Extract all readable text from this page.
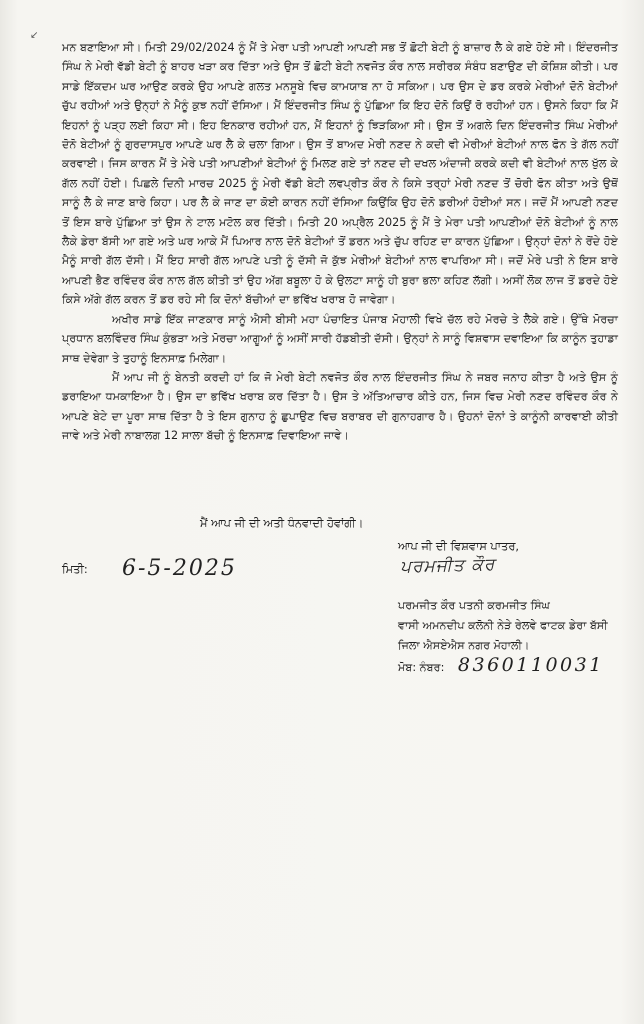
↙

ਮਨ ਬਣਾਇਆ ਸੀ। ਮਿਤੀ 29/02/2024 ਨੂੰ ਮੈਂ ਤੇ ਮੇਰਾ ਪਤੀ ਆਪਣੀ ਆਪਣੀ ਸਭ ਤੋਂ ਛੋਟੀ ਬੇਟੀ ਨੂੰ ਬਾਜ਼ਾਰ ਲੈ ਕੇ ਗਏ ਹੋਏ ਸੀ। ਇੰਦਰਜੀਤ ਸਿੰਘ ਨੇ ਮੇਰੀ ਵੱਡੀ ਬੇਟੀ ਨੂੰ ਬਾਹਰ ਖੜਾ ਕਰ ਦਿੱਤਾ ਅਤੇ ਉਸ ਤੋਂ ਛੋਟੀ ਬੇਟੀ ਨਵਜੋਤ ਕੌਰ ਨਾਲ ਸਰੀਰਕ ਸੰਬੰਧ ਬਣਾਉਣ ਦੀ ਕੋਸ਼ਿਸ਼ ਕੀਤੀ। ਪਰ ਸਾਡੇ ਇੱਕਦਮ ਘਰ ਆਉਣ ਕਰਕੇ ਉਹ ਆਪਣੇ ਗਲਤ ਮਨਸੂਬੇ ਵਿਚ ਕਾਮਯਾਬ ਨਾ ਹੋ ਸਕਿਆ। ਪਰ ਉਸ ਦੇ ਡਰ ਕਰਕੇ ਮੇਰੀਆਂ ਦੋਨੋ ਬੇਟੀਆਂ ਚੁੱਪ ਰਹੀਆਂ ਅਤੇ ਉਨ੍ਹਾਂ ਨੇ ਮੈਨੂੰ ਕੁਝ ਨਹੀਂ ਦੱਸਿਆ। ਮੈਂ ਇੰਦਰਜੀਤ ਸਿੰਘ ਨੂੰ ਪੁੱਛਿਆ ਕਿ ਇਹ ਦੋਨੋ ਕਿਉਂ ਰੋ ਰਹੀਆਂ ਹਨ। ਉਸਨੇ ਕਿਹਾ ਕਿ ਮੈਂ ਇਹਨਾਂ ਨੂੰ ਪੜ੍ਹ ਲਈ ਕਿਹਾ ਸੀ। ਇਹ ਇਨਕਾਰ ਰਹੀਆਂ ਹਨ, ਮੈਂ ਇਹਨਾਂ ਨੂੰ ਝਿੜਕਿਆ ਸੀ। ਉਸ ਤੋਂ ਅਗਲੇ ਦਿਨ ਇੰਦਰਜੀਤ ਸਿੰਘ ਮੇਰੀਆਂ ਦੋਨੋ ਬੇਟੀਆਂ ਨੂੰ ਗੁਰਦਾਸਪੁਰ ਆਪਣੇ ਘਰ ਲੈ ਕੇ ਚਲਾ ਗਿਆ। ਉਸ ਤੋਂ ਬਾਅਦ ਮੇਰੀ ਨਣਦ ਨੇ ਕਦੀ ਵੀ ਮੇਰੀਆਂ ਬੇਟੀਆਂ ਨਾਲ ਫੋਨ ਤੇ ਗੱਲ ਨਹੀਂ ਕਰਵਾਈ। ਜਿਸ ਕਾਰਨ ਮੈਂ ਤੇ ਮੇਰੇ ਪਤੀ ਆਪਣੀਆਂ ਬੇਟੀਆਂ ਨੂੰ ਮਿਲਣ ਗਏ ਤਾਂ ਨਣਦ ਦੀ ਦਖਲ ਅੰਦਾਜੀ ਕਰਕੇ ਕਦੀ ਵੀ ਬੇਟੀਆਂ ਨਾਲ ਖੁੱਲ ਕੇ ਗੱਲ ਨਹੀਂ ਹੋਈ। ਪਿਛਲੇ ਦਿਨੀ ਮਾਰਚ 2025 ਨੂੰ ਮੇਰੀ ਵੱਡੀ ਬੇਟੀ ਲਵਪ੍ਰੀਤ ਕੌਰ ਨੇ ਕਿਸੇ ਤਰ੍ਹਾਂ ਮੇਰੀ ਨਣਦ ਤੋਂ ਚੋਰੀ ਫੋਨ ਕੀਤਾ ਅਤੇ ਉਥੋਂ ਸਾਨੂੰ ਲੈ ਕੇ ਜਾਣ ਬਾਰੇ ਕਿਹਾ। ਪਰ ਲੈ ਕੇ ਜਾਣ ਦਾ ਕੋਈ ਕਾਰਨ ਨਹੀਂ ਦੱਸਿਆ ਕਿਉਂਕਿ ਉਹ ਦੋਨੋ ਡਰੀਆਂ ਹੋਈਆਂ ਸਨ। ਜਦੋਂ ਮੈਂ ਆਪਣੀ ਨਣਦ ਤੋਂ ਇਸ ਬਾਰੇ ਪੁੱਛਿਆ ਤਾਂ ਉਸ ਨੇ ਟਾਲ ਮਟੋਲ ਕਰ ਦਿੱਤੀ। ਮਿਤੀ 20 ਅਪ੍ਰੈਲ 2025 ਨੂੰ ਮੈਂ ਤੇ ਮੇਰਾ ਪਤੀ ਆਪਣੀਆਂ ਦੋਨੋ ਬੇਟੀਆਂ ਨੂੰ ਨਾਲ ਲੈਕੇ ਡੇਰਾ ਬੱਸੀ ਆ ਗਏ ਅਤੇ ਘਰ ਆਕੇ ਮੈਂ ਪਿਆਰ ਨਾਲ ਦੋਨੋ ਬੇਟੀਆਂ ਤੋਂ ਡਰਨ ਅਤੇ ਚੁੱਪ ਰਹਿਣ ਦਾ ਕਾਰਨ ਪੁੱਛਿਆ। ਉਨ੍ਹਾਂ ਦੋਨਾਂ ਨੇ ਰੋਂਦੇ ਹੋਏ ਮੈਨੂੰ ਸਾਰੀ ਗੱਲ ਦੱਸੀ। ਮੈਂ ਇਹ ਸਾਰੀ ਗੱਲ ਆਪਣੇ ਪਤੀ ਨੂੰ ਦੱਸੀ ਜੋ ਕੁੱਝ ਮੇਰੀਆਂ ਬੇਟੀਆਂ ਨਾਲ ਵਾਪਰਿਆ ਸੀ। ਜਦੋਂ ਮੇਰੇ ਪਤੀ ਨੇ ਇਸ ਬਾਰੇ ਆਪਣੀ ਭੈਣ ਰਵਿੰਦਰ ਕੌਰ ਨਾਲ ਗੱਲ ਕੀਤੀ ਤਾਂ ਉਹ ਅੱਗ ਬਬੂਲਾ ਹੋ ਕੇ ਉਲਟਾ ਸਾਨੂੰ ਹੀ ਬੁਰਾ ਭਲਾ ਕਹਿਣ ਲੱਗੀ। ਅਸੀਂ ਲੋਕ ਲਾਜ ਤੋਂ ਡਰਦੇ ਹੋਏ ਕਿਸੇ ਅੱਗੇ ਗੱਲ ਕਰਨ ਤੋਂ ਡਰ ਰਹੇ ਸੀ ਕਿ ਦੋਨਾਂ ਬੱਚੀਆਂ ਦਾ ਭਵਿੱਖ ਖਰਾਬ ਹੋ ਜਾਵੇਗਾ।

ਅਖੀਰ ਸਾਡੇ ਇੱਕ ਜਾਣਕਾਰ ਸਾਨੂੰ ਐਸੀ ਬੀਸੀ ਮਹਾ ਪੰਚਾਇਤ ਪੰਜਾਬ ਮੋਹਾਲੀ ਵਿਖੇ ਚੱਲ ਰਹੇ ਮੋਰਚੇ ਤੇ ਲੈਕੇ ਗਏ। ਉੱਥੇ ਮੋਰਚਾ ਪ੍ਰਧਾਨ ਬਲਵਿੰਦਰ ਸਿੰਘ ਕੁੰਭੜਾ ਅਤੇ ਮੋਰਚਾ ਆਗੂਆਂ ਨੂੰ ਅਸੀਂ ਸਾਰੀ ਹੱਡਬੀਤੀ ਦੱਸੀ। ਉਨ੍ਹਾਂ ਨੇ ਸਾਨੂੰ ਵਿਸ਼ਵਾਸ ਦਵਾਇਆ ਕਿ ਕਾਨੂੰਨ ਤੁਹਾਡਾ ਸਾਥ ਦੇਵੇਗਾ ਤੇ ਤੁਹਾਨੂੰ ਇਨਸਾਫ਼ ਮਿਲੇਗਾ।

ਮੈਂ ਆਪ ਜੀ ਨੂੰ ਬੇਨਤੀ ਕਰਦੀ ਹਾਂ ਕਿ ਜੋ ਮੇਰੀ ਬੇਟੀ ਨਵਜੋਤ ਕੌਰ ਨਾਲ ਇੰਦਰਜੀਤ ਸਿੰਘ ਨੇ ਜਬਰ ਜਨਾਹ ਕੀਤਾ ਹੈ ਅਤੇ ਉਸ ਨੂੰ ਡਰਾਇਆ ਧਮਕਾਇਆ ਹੈ। ਉਸ ਦਾ ਭਵਿੱਖ ਖਰਾਬ ਕਰ ਦਿੱਤਾ ਹੈ। ਉਸ ਤੇ ਅੱਤਿਆਚਾਰ ਕੀਤੇ ਹਨ, ਜਿਸ ਵਿਚ ਮੇਰੀ ਨਣਦ ਰਵਿੰਦਰ ਕੌਰ ਨੇ ਆਪਣੇ ਬੇਟੇ ਦਾ ਪੂਰਾ ਸਾਥ ਦਿੱਤਾ ਹੈ ਤੇ ਇਸ ਗੁਨਾਹ ਨੂੰ ਛੁਪਾਉਣ ਵਿਚ ਬਰਾਬਰ ਦੀ ਗੁਨਾਹਗਾਰ ਹੈ। ਉਹਨਾਂ ਦੋਨਾਂ ਤੇ ਕਾਨੂੰਨੀ ਕਾਰਵਾਈ ਕੀਤੀ ਜਾਵੇ ਅਤੇ ਮੇਰੀ ਨਾਬਾਲਗ 12 ਸਾਲਾ ਬੱਚੀ ਨੂੰ ਇਨਸਾਫ਼ ਦਿਵਾਇਆ ਜਾਵੇ।

ਮੈਂ ਆਪ ਜੀ ਦੀ ਅਤੀ ਧੰਨਵਾਦੀ ਹੋਵਾਂਗੀ।
ਆਪ ਜੀ ਦੀ ਵਿਸ਼ਵਾਸ ਪਾਤਰ,
ਪਰਮਜੀਤ ਕੌਰ
ਮਿਤੀ: 6-5-2025
ਪਰਮਜੀਤ ਕੌਰ ਪਤਨੀ ਕਰਮਜੀਤ ਸਿੰਘ
ਵਾਸੀ ਅਮਨਦੀਪ ਕਲੋਨੀ ਨੇੜੇ ਰੇਲਵੇ ਫਾਟਕ ਡੇਰਾ ਬੱਸੀ
ਜਿਲਾ ਐਸਏਐਸ ਨਗਰ ਮੋਹਾਲੀ।
ਮੋਬ: ਨੰਬਰ: 8360110031
